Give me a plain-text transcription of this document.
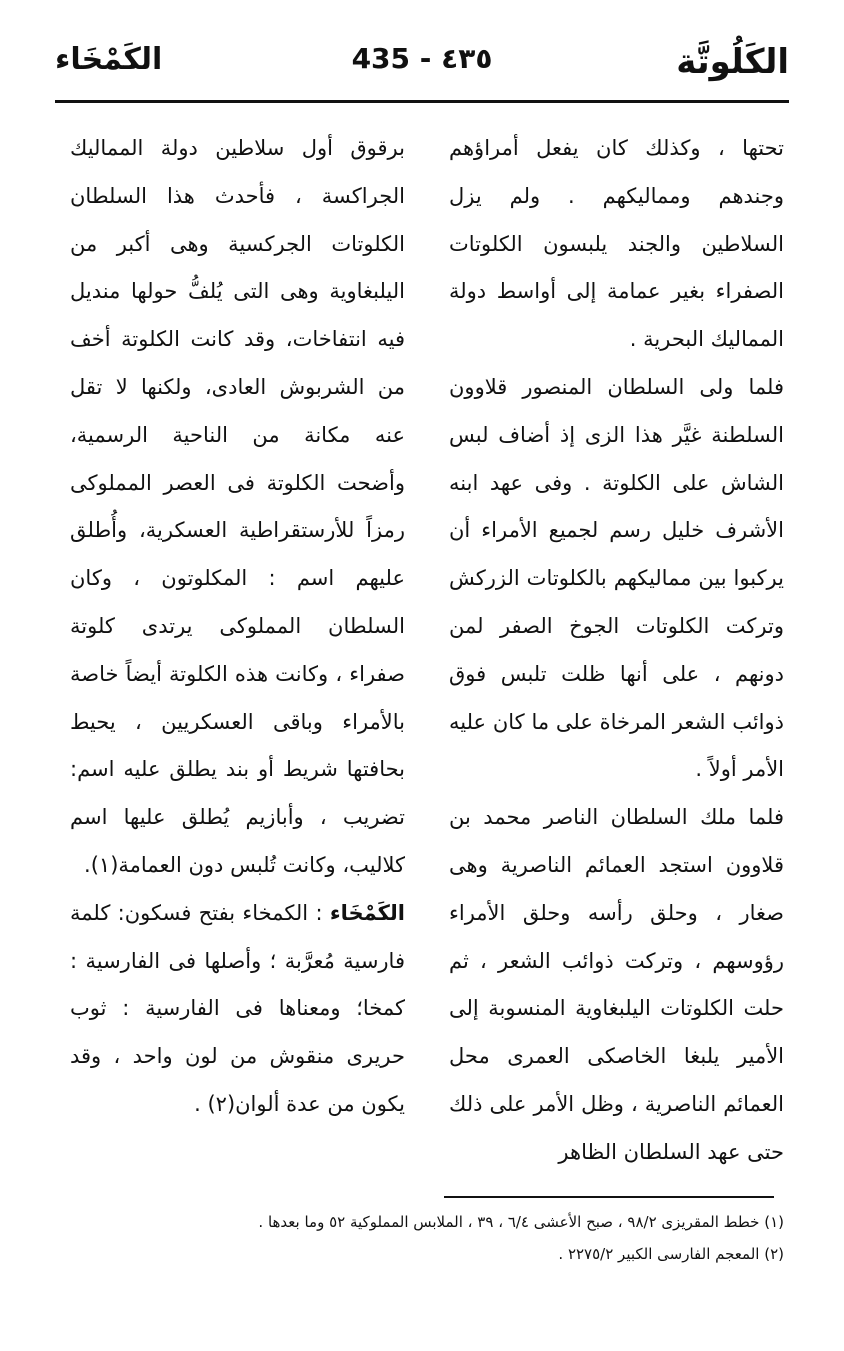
الكَلُوتَّة
435 - ٤٣٥
الكَمْخَاء

تحتها ، وكذلك كان يفعل أمراؤهم وجندهم ومماليكهم . ولم يزل السلاطين والجند يلبسون الكلوتات الصفراء بغير عمامة إلى أواسط دولة المماليك البحرية .

فلما ولى السلطان المنصور قلاوون السلطنة غيَّر هذا الزى إذ أضاف لبس الشاش على الكلوتة . وفى عهد ابنه الأشرف خليل رسم لجميع الأمراء أن يركبوا بين مماليكهم بالكلوتات الزركش وتركت الكلوتات الجوخ الصفر لمن دونهم ، على أنها ظلت تلبس فوق ذوائب الشعر المرخاة على ما كان عليه الأمر أولاً .

فلما ملك السلطان الناصر محمد بن قلاوون استجد العمائم الناصرية وهى صغار ، وحلق رأسه وحلق الأمراء رؤوسهم ، وتركت ذوائب الشعر ، ثم حلت الكلوتات اليلبغاوية المنسوبة إلى الأمير يلبغا الخاصكى العمرى محل العمائم الناصرية ، وظل الأمر على ذلك حتى عهد السلطان الظاهر

برقوق أول سلاطين دولة المماليك الجراكسة ، فأحدث هذا السلطان الكلوتات الجركسية وهى أكبر من اليلبغاوية وهى التى يُلفُّ حولها منديل فيه انتفاخات، وقد كانت الكلوتة أخف من الشربوش العادى، ولكنها لا تقل عنه مكانة من الناحية الرسمية، وأضحت الكلوتة فى العصر المملوكى رمزاً للأرستقراطية العسكرية، وأُطلق عليهم اسم : المكلوتون ، وكان السلطان المملوكى يرتدى كلوتة صفراء ، وكانت هذه الكلوتة أيضاً خاصة بالأمراء وباقى العسكريين ، يحيط بحافتها شريط أو بند يطلق عليه اسم: تضريب ، وأبازيم يُطلق عليها اسم كلاليب، وكانت تُلبس دون العمامة(١).

الكَمْخَاء : الكمخاء بفتح فسكون: كلمة فارسية مُعرَّبة ؛ وأصلها فى الفارسية : كمخا؛ ومعناها فى الفارسية : ثوب حريرى منقوش من لون واحد ، وقد يكون من عدة ألوان(٢) .

(١) خطط المقريزى ٩٨/٢ ، صبح الأعشى ٦/٤ ، ٣٩ ، الملابس المملوكية ٥٢ وما بعدها .

(٢) المعجم الفارسى الكبير ٢٢٧٥/٢ .
